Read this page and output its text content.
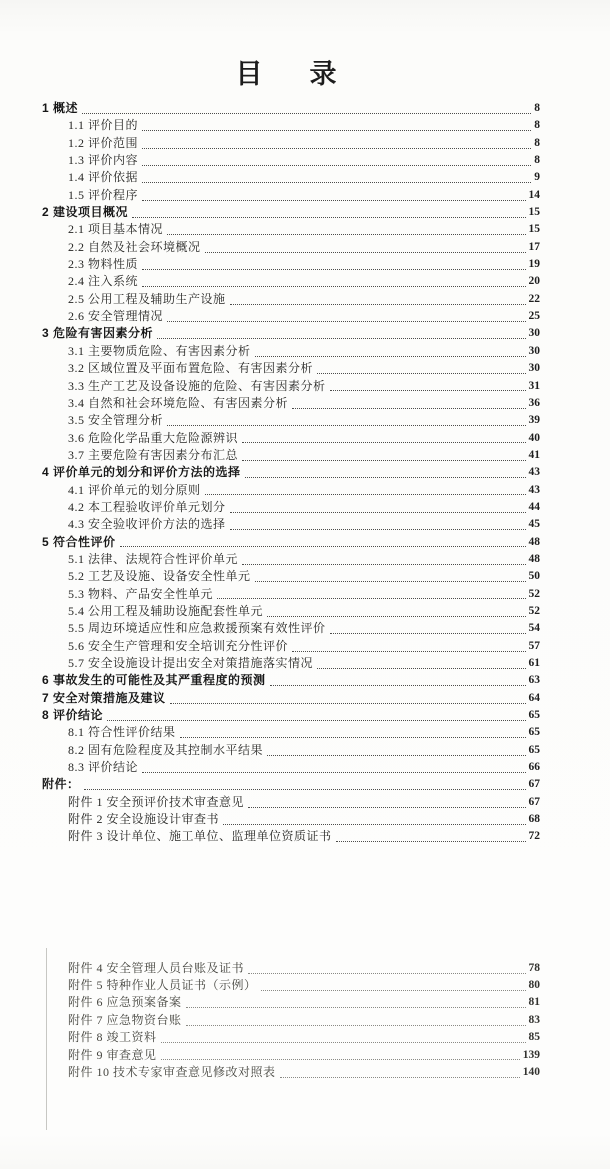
目　录
1 概述	8
1.1 评价目的	8
1.2 评价范围	8
1.3 评价内容	8
1.4 评价依据	9
1.5 评价程序	14
2 建设项目概况	15
2.1 项目基本情况	15
2.2 自然及社会环境概况	17
2.3 物料性质	19
2.4 注入系统	20
2.5 公用工程及辅助生产设施	22
2.6 安全管理情况	25
3 危险有害因素分析	30
3.1 主要物质危险、有害因素分析	30
3.2 区域位置及平面布置危险、有害因素分析	30
3.3 生产工艺及设备设施的危险、有害因素分析	31
3.4 自然和社会环境危险、有害因素分析	36
3.5 安全管理分析	39
3.6 危险化学品重大危险源辨识	40
3.7 主要危险有害因素分布汇总	41
4 评价单元的划分和评价方法的选择	43
4.1 评价单元的划分原则	43
4.2 本工程验收评价单元划分	44
4.3 安全验收评价方法的选择	45
5 符合性评价	48
5.1 法律、法规符合性评价单元	48
5.2 工艺及设施、设备安全性单元	50
5.3 物料、产品安全性单元	52
5.4 公用工程及辅助设施配套性单元	52
5.5 周边环境适应性和应急救援预案有效性评价	54
5.6 安全生产管理和安全培训充分性评价	57
5.7 安全设施设计提出安全对策措施落实情况	61
6 事故发生的可能性及其严重程度的预测	63
7 安全对策措施及建议	64
8 评价结论	65
8.1 符合性评价结果	65
8.2 固有危险程度及其控制水平结果	65
8.3 评价结论	66
附件：	67
附件 1 安全预评价技术审查意见	67
附件 2 安全设施设计审查书	68
附件 3 设计单位、施工单位、监理单位资质证书	72
附件 4 安全管理人员台账及证书	78
附件 5 特种作业人员证书（示例）	80
附件 6 应急预案备案	81
附件 7 应急物资台账	83
附件 8 竣工资料	85
附件 9 审查意见	139
附件 10 技术专家审查意见修改对照表	140
